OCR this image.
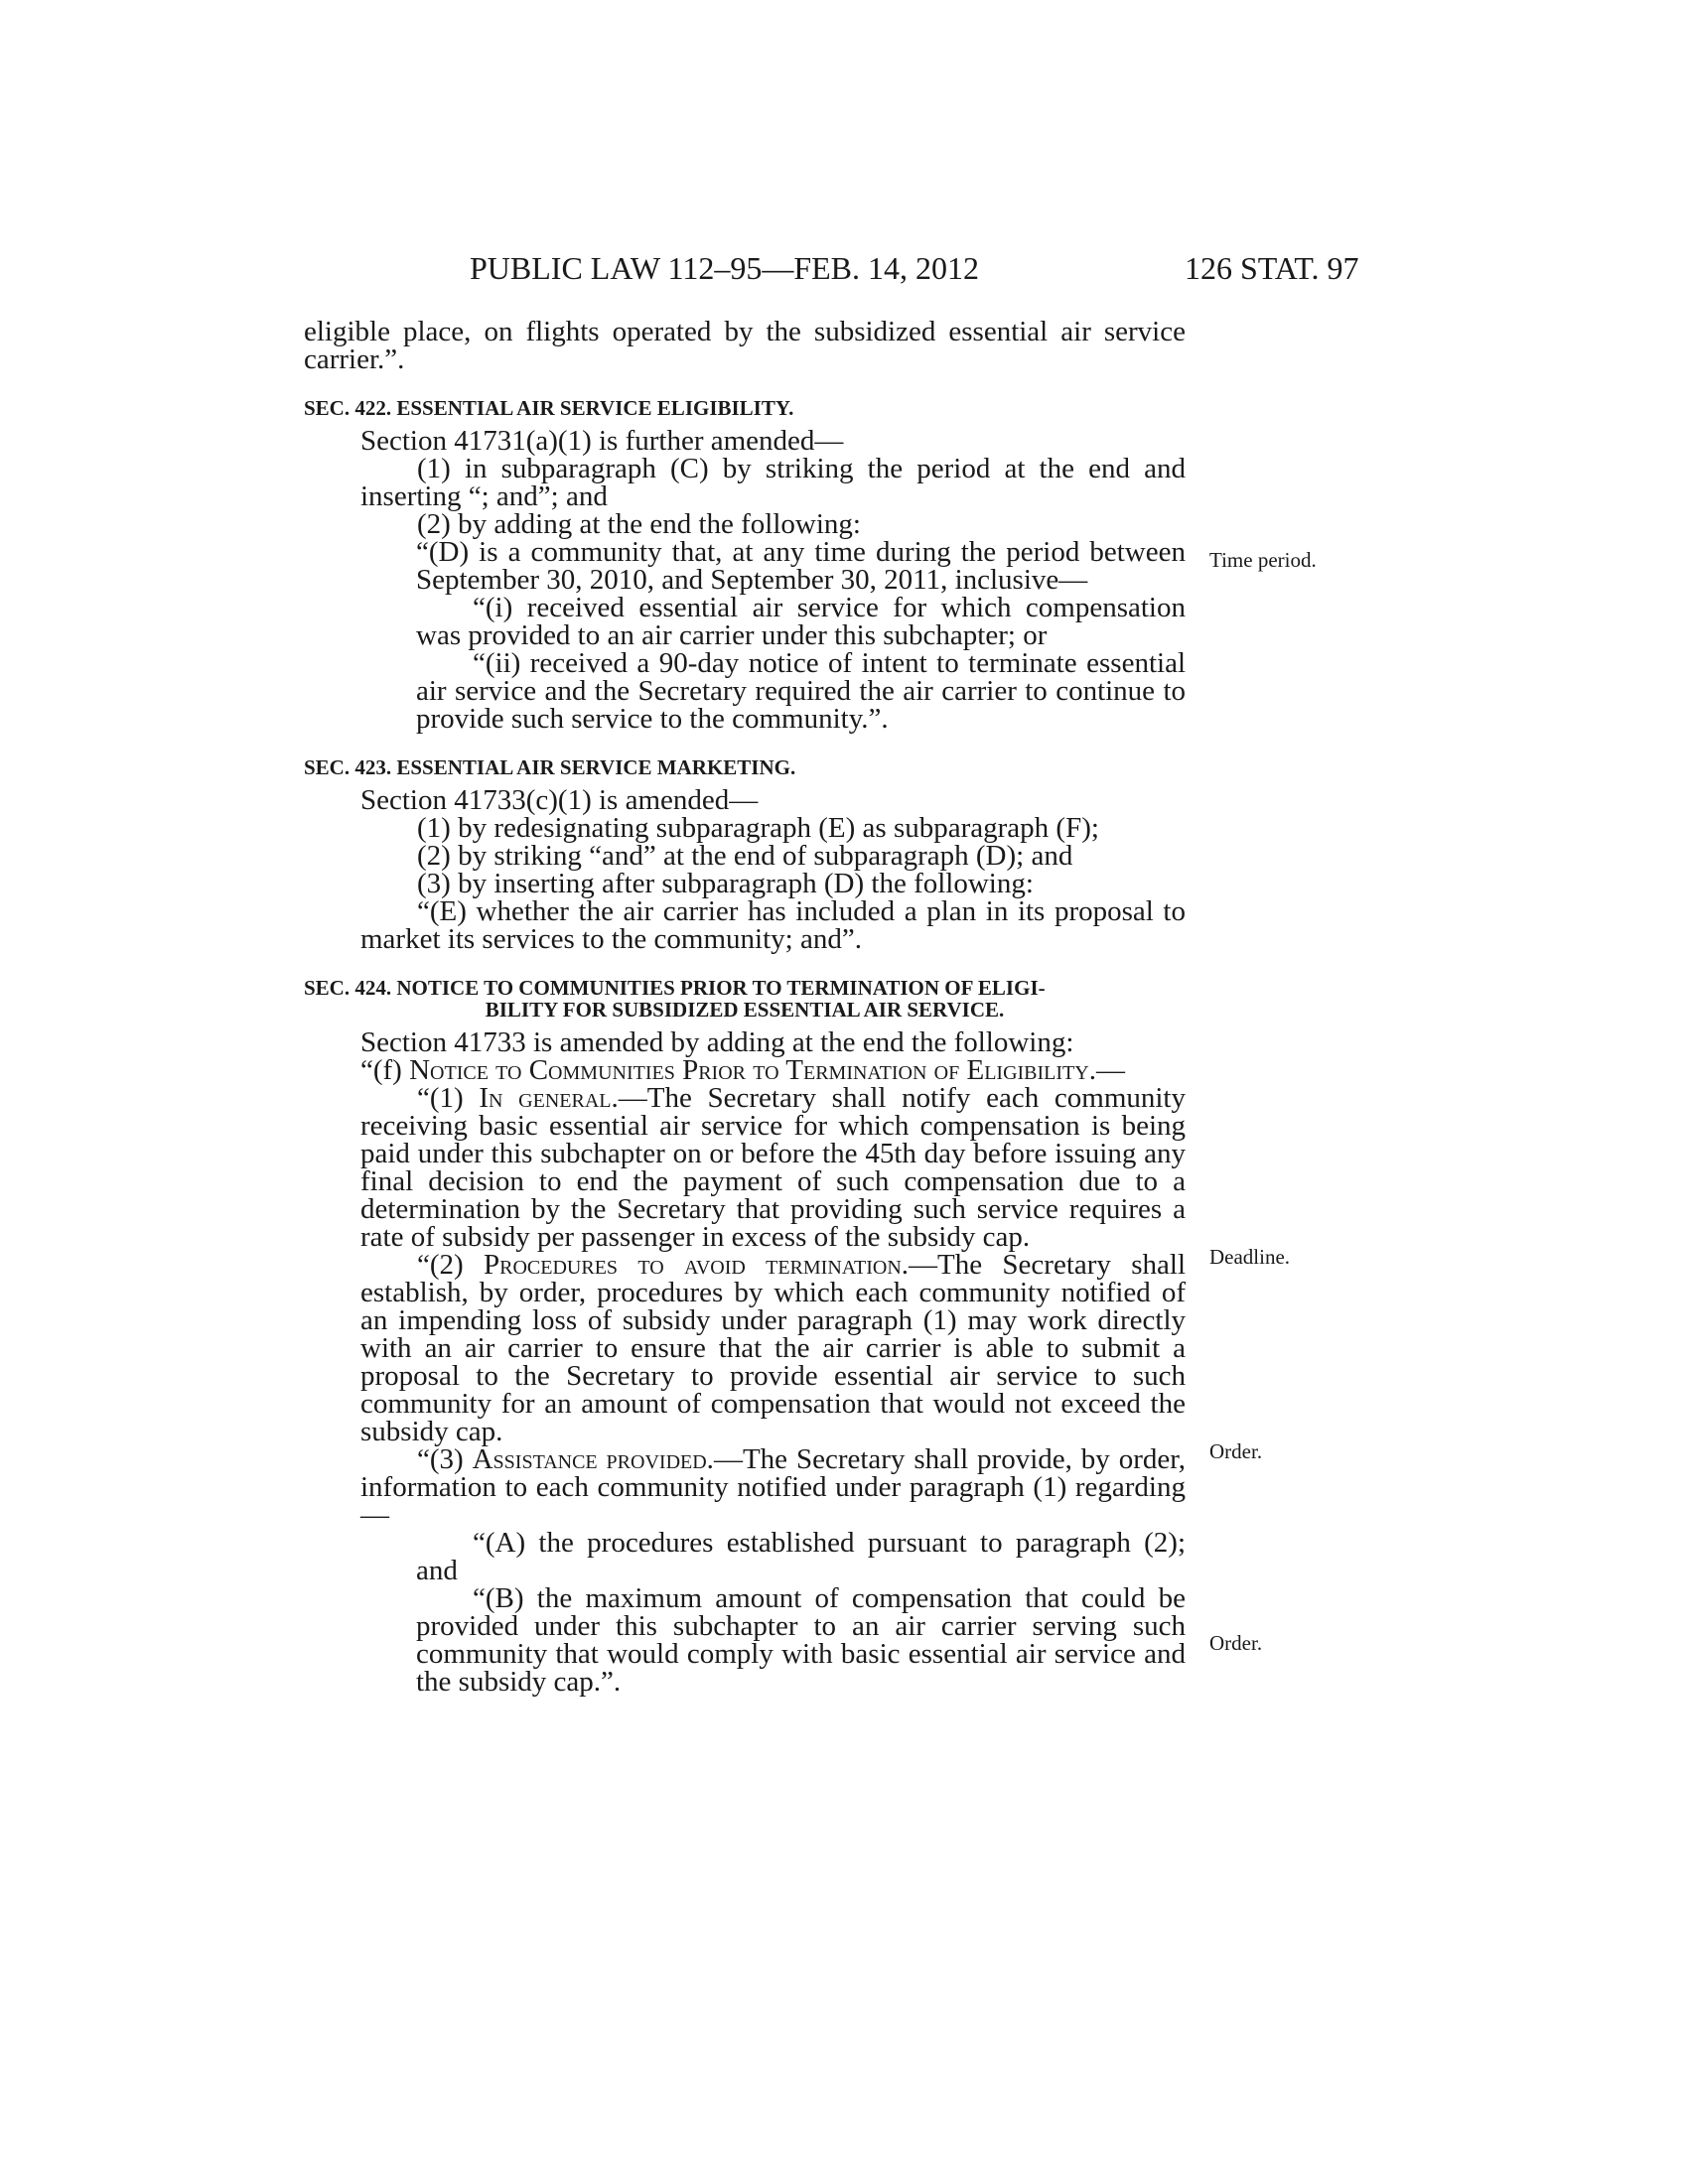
PUBLIC LAW 112–95—FEB. 14, 2012	126 STAT. 97
eligible place, on flights operated by the subsidized essential air service carrier.”.
SEC. 422. ESSENTIAL AIR SERVICE ELIGIBILITY.
Section 41731(a)(1) is further amended—
(1) in subparagraph (C) by striking the period at the end and inserting “; and”; and
(2) by adding at the end the following:
“(D) is a community that, at any time during the period between September 30, 2010, and September 30, 2011, inclusive—
“(i) received essential air service for which compensation was provided to an air carrier under this subchapter; or
“(ii) received a 90-day notice of intent to terminate essential air service and the Secretary required the air carrier to continue to provide such service to the community.”.
SEC. 423. ESSENTIAL AIR SERVICE MARKETING.
Section 41733(c)(1) is amended—
(1) by redesignating subparagraph (E) as subparagraph (F);
(2) by striking “and” at the end of subparagraph (D); and
(3) by inserting after subparagraph (D) the following:
“(E) whether the air carrier has included a plan in its proposal to market its services to the community; and”.
SEC. 424. NOTICE TO COMMUNITIES PRIOR TO TERMINATION OF ELIGI-
BILITY FOR SUBSIDIZED ESSENTIAL AIR SERVICE.
Section 41733 is amended by adding at the end the following:
“(f) Notice to Communities Prior to Termination of Eligibility.—
“(1) In general.—The Secretary shall notify each community receiving basic essential air service for which compensation is being paid under this subchapter on or before the 45th day before issuing any final decision to end the payment of such compensation due to a determination by the Secretary that providing such service requires a rate of subsidy per passenger in excess of the subsidy cap.
“(2) Procedures to avoid termination.—The Secretary shall establish, by order, procedures by which each community notified of an impending loss of subsidy under paragraph (1) may work directly with an air carrier to ensure that the air carrier is able to submit a proposal to the Secretary to provide essential air service to such community for an amount of compensation that would not exceed the subsidy cap.
“(3) Assistance provided.—The Secretary shall provide, by order, information to each community notified under paragraph (1) regarding—
“(A) the procedures established pursuant to paragraph (2); and
“(B) the maximum amount of compensation that could be provided under this subchapter to an air carrier serving such community that would comply with basic essential air service and the subsidy cap.”.
Time period.
Deadline.
Order.
Order.
